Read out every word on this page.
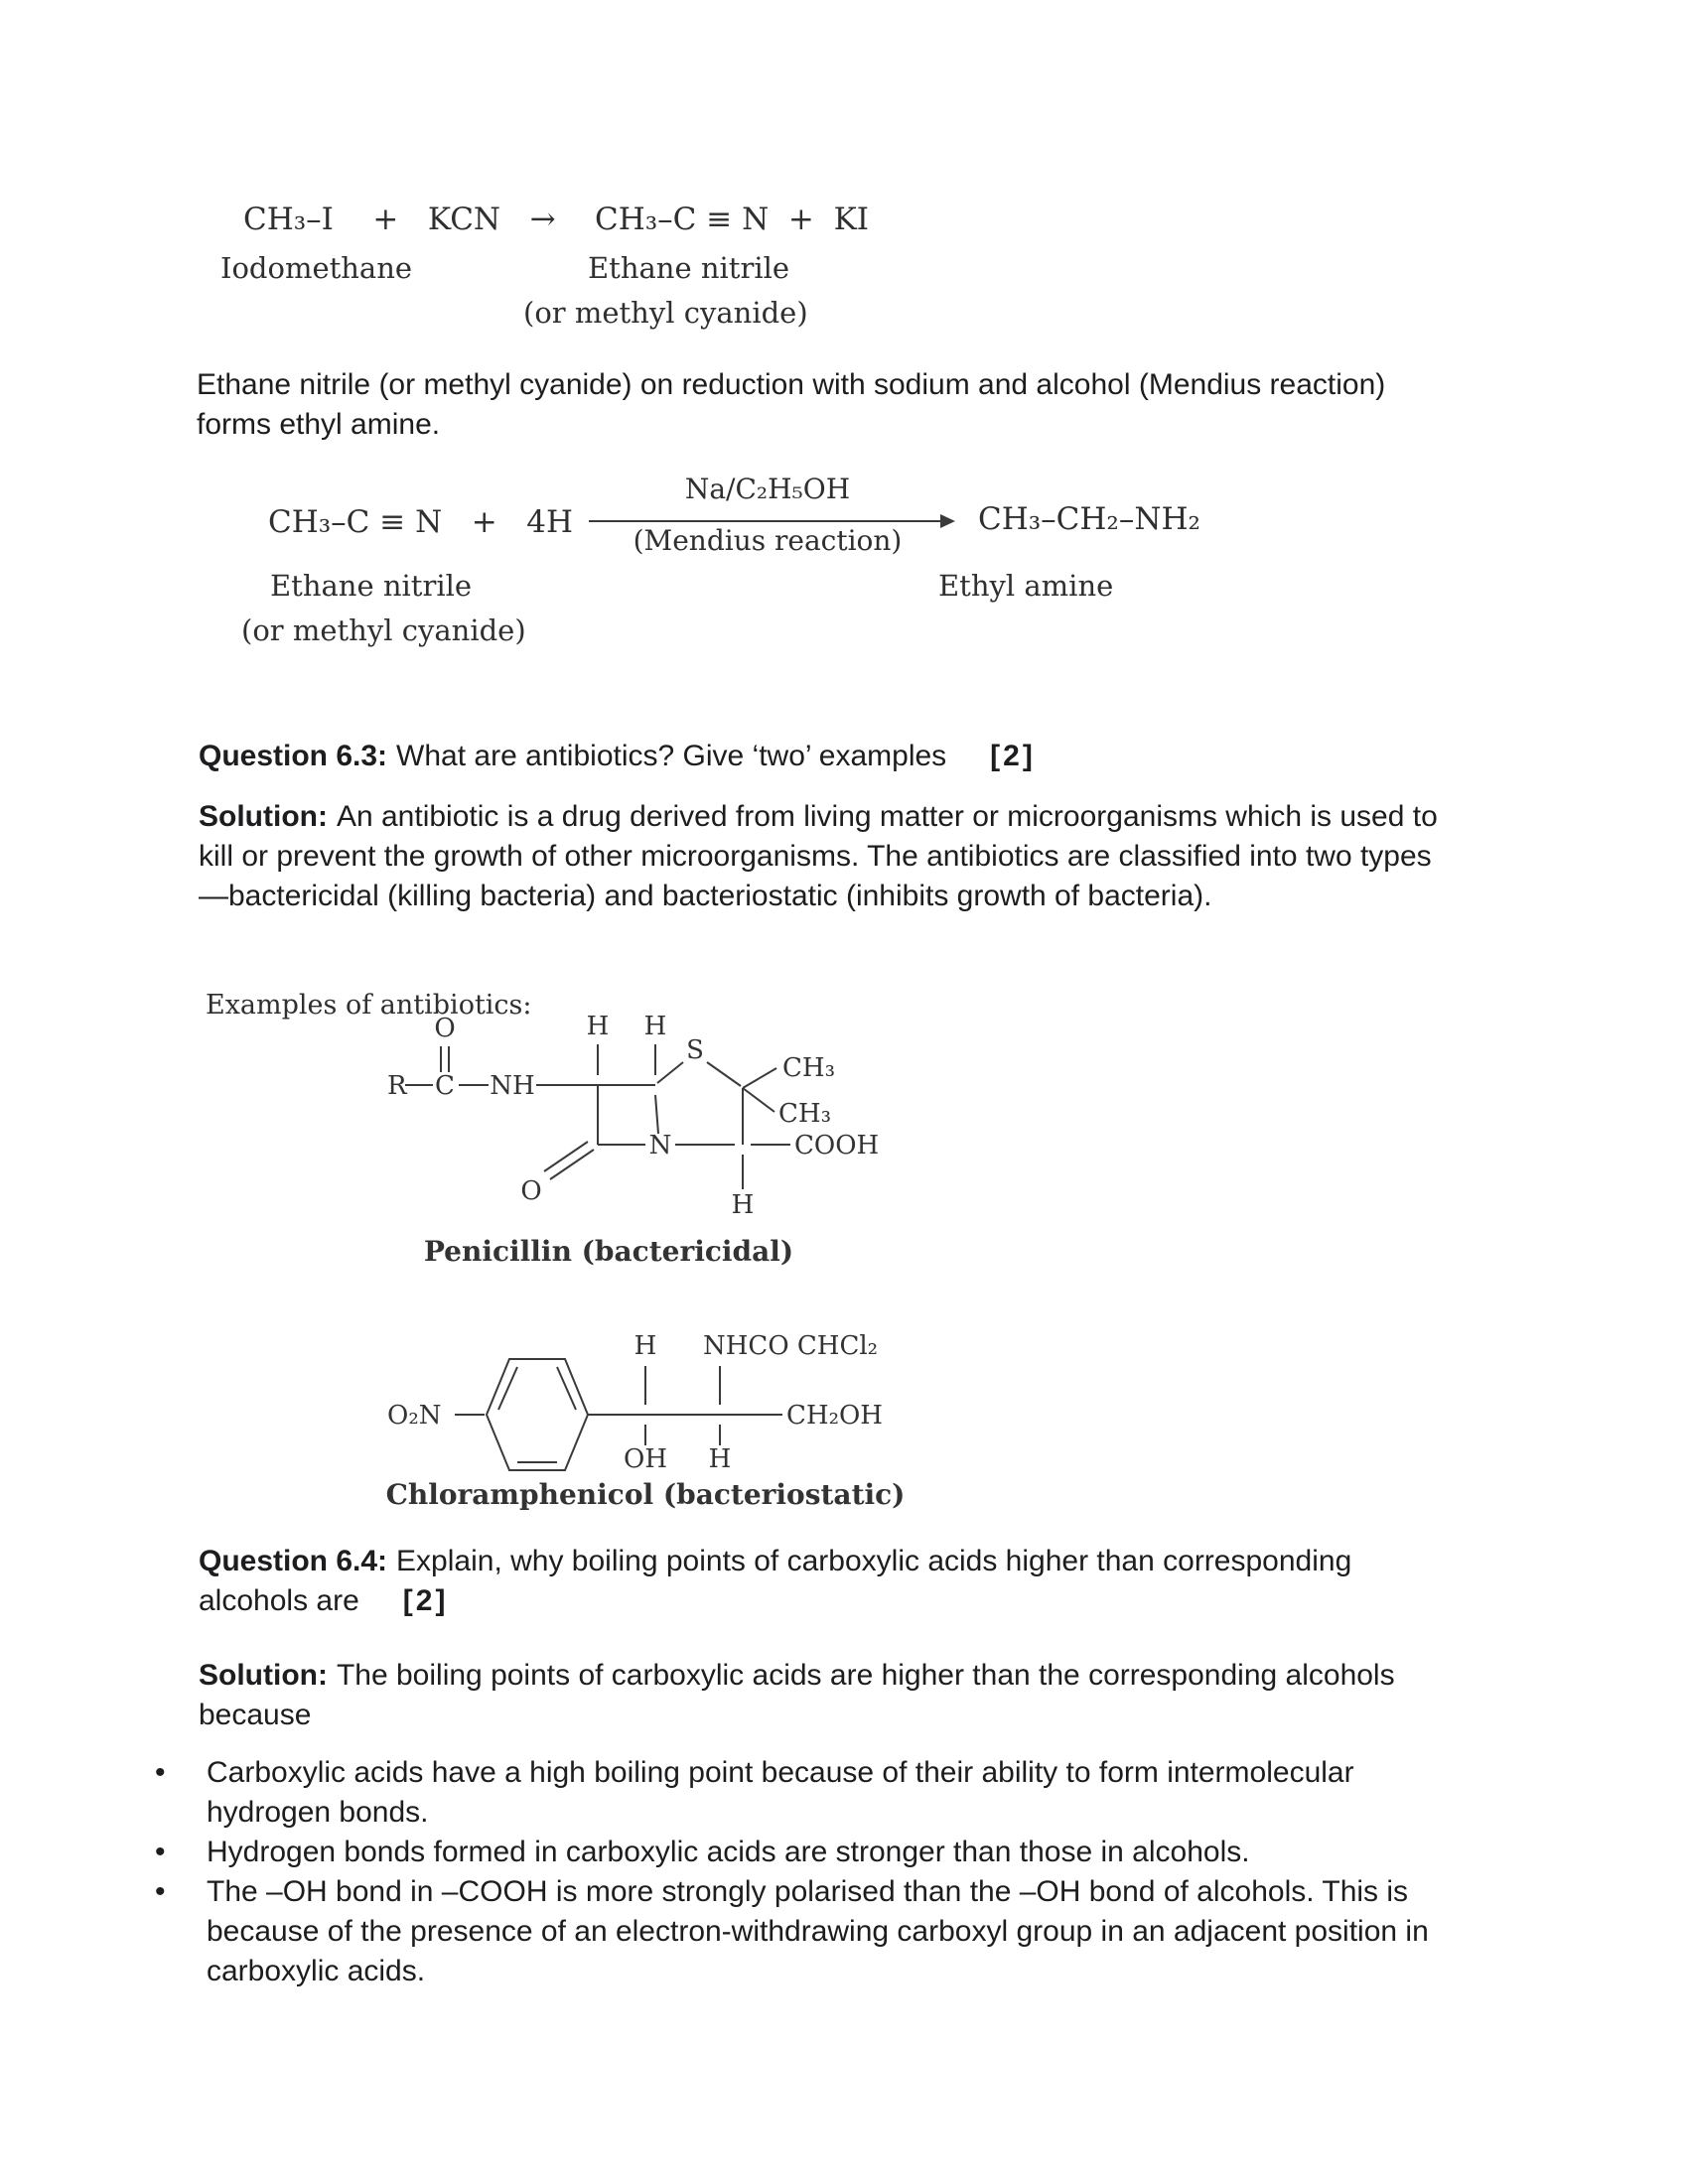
CH₃–I    +   KCN   →    CH₃–C ≡ N  +  KI
Iodomethane	Ethane nitrile
(or methyl cyanide)
Ethane nitrile (or methyl cyanide) on reduction with sodium and alcohol (Mendius reaction) forms ethyl amine.
CH₃–C ≡ N   +   4H
Na/C₂H₅OH
(Mendius reaction)
CH₃–CH₂–NH₂
Ethane nitrile
(or methyl cyanide)
Ethyl amine
Question 6.3: What are antibiotics? Give ‘two’ examples [2]
Solution: An antibiotic is a drug derived from living matter or microorganisms which is used to kill or prevent the growth of other microorganisms. The antibiotics are classified into two types—bactericidal (killing bacteria) and bacteriostatic (inhibits growth of bacteria).
Examples of antibiotics:
R C
O
NH
H H
S
CH₃
CH₃
COOH
N
H
O
Penicillin (bactericidal)
O₂N
H
OH
NHCO CHCl₂
H
CH₂OH
Chloramphenicol (bacteriostatic)
Question 6.4: Explain, why boiling points of carboxylic acids higher than corresponding alcohols are [2]
Solution: The boiling points of carboxylic acids are higher than the corresponding alcohols because
•	Carboxylic acids have a high boiling point because of their ability to form intermolecular hydrogen bonds.
•	Hydrogen bonds formed in carboxylic acids are stronger than those in alcohols.
•	The –OH bond in –COOH is more strongly polarised than the –OH bond of alcohols. This is because of the presence of an electron-withdrawing carboxyl group in an adjacent position in carboxylic acids.
